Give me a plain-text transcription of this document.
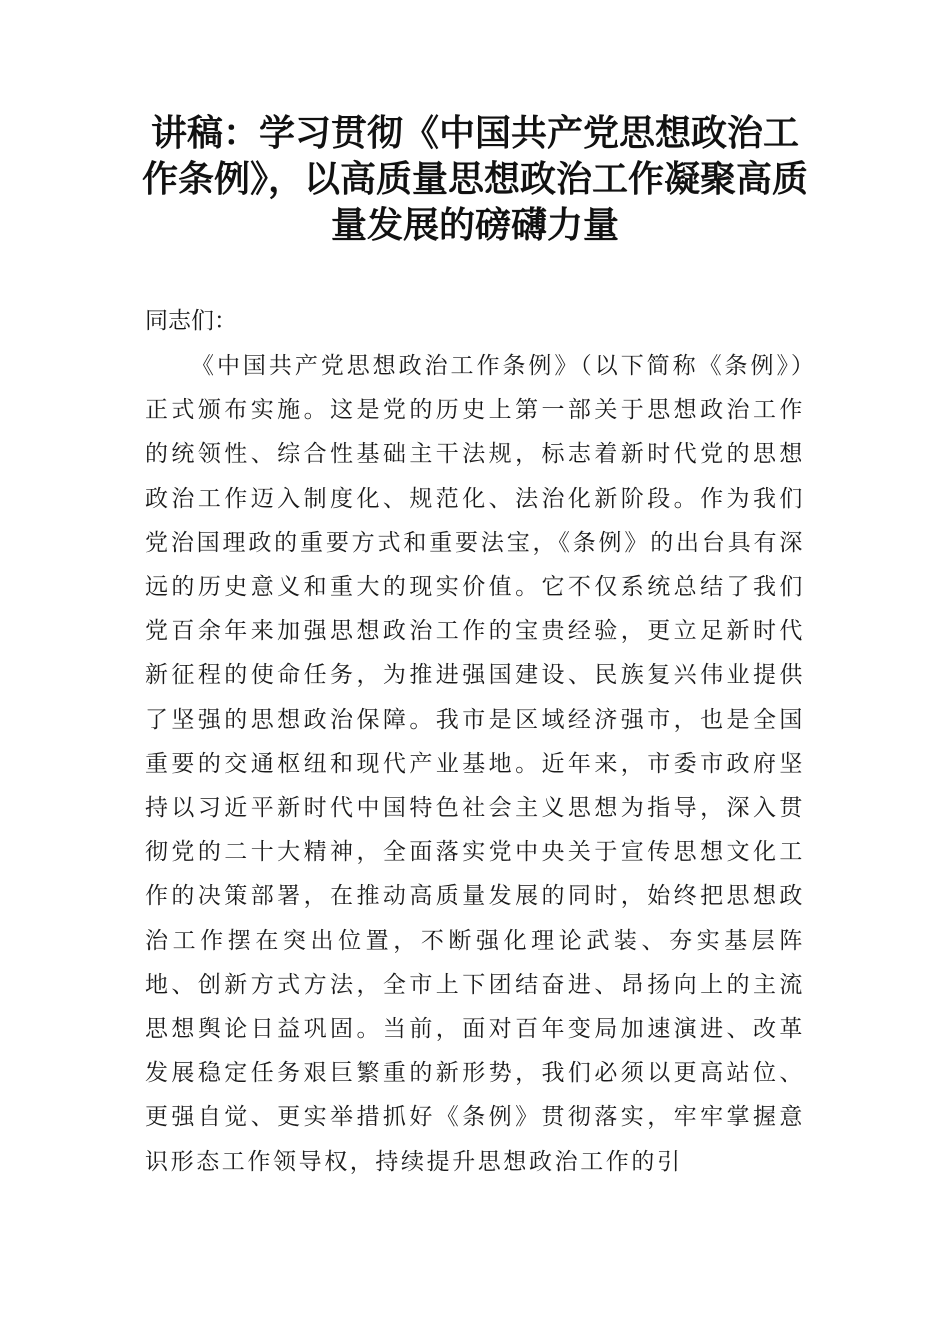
讲稿：学习贯彻《中国共产党思想政治工作条例》，以高质量思想政治工作凝聚高质量发展的磅礴力量

同志们：

《中国共产党思想政治工作条例》（以下简称《条例》）正式颁布实施。这是党的历史上第一部关于思想政治工作的统领性、综合性基础主干法规，标志着新时代党的思想政治工作迈入制度化、规范化、法治化新阶段。作为我们党治国理政的重要方式和重要法宝，《条例》的出台具有深远的历史意义和重大的现实价值。它不仅系统总结了我们党百余年来加强思想政治工作的宝贵经验，更立足新时代新征程的使命任务，为推进强国建设、民族复兴伟业提供了坚强的思想政治保障。我市是区域经济强市，也是全国重要的交通枢纽和现代产业基地。近年来，市委市政府坚持以习近平新时代中国特色社会主义思想为指导，深入贯彻党的二十大精神，全面落实党中央关于宣传思想文化工作的决策部署，在推动高质量发展的同时，始终把思想政治工作摆在突出位置，不断强化理论武装、夯实基层阵地、创新方式方法，全市上下团结奋进、昂扬向上的主流思想舆论日益巩固。当前，面对百年变局加速演进、改革发展稳定任务艰巨繁重的新形势，我们必须以更高站位、更强自觉、更实举措抓好《条例》贯彻落实，牢牢掌握意识形态工作领导权，持续提升思想政治工作的引
